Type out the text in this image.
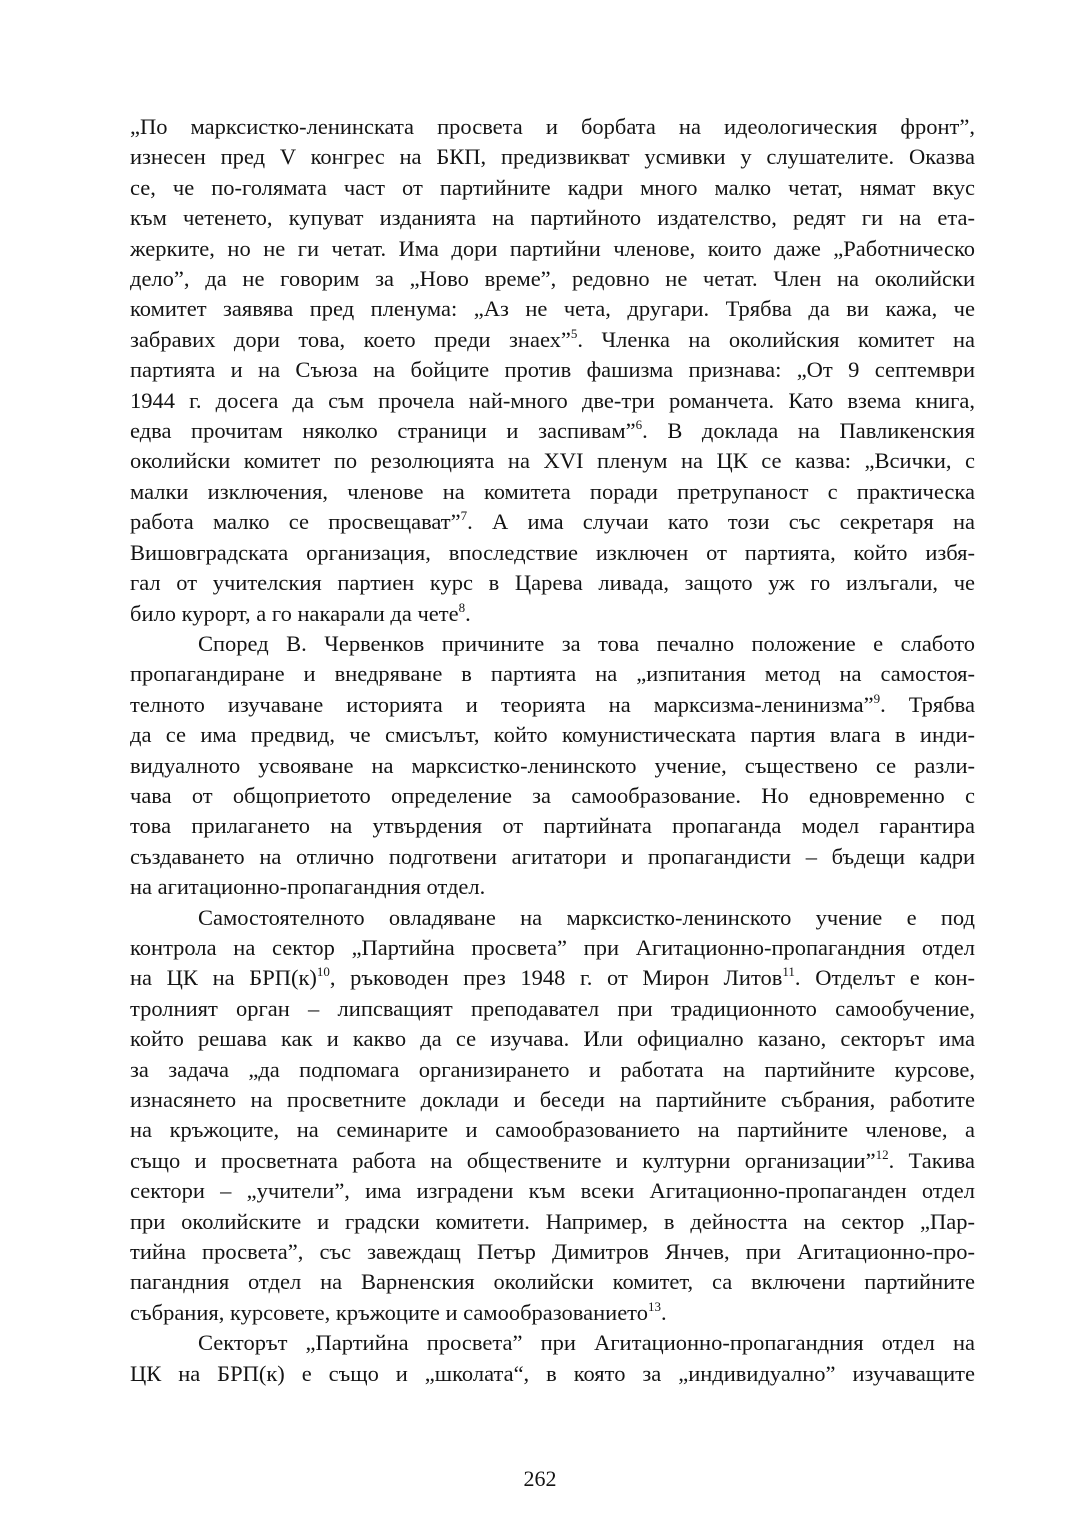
„По марксистко-ленинската просвета и борбата на идеологическия фронт”,
изнесен пред V конгрес на БКП, предизвикват усмивки у слушателите. Оказва
се, че по-голямата част от партийните кадри много малко четат, нямат вкус
към четенето, купуват изданията на партийното издателство, редят ги на ета-
жерките, но не ги четат. Има дори партийни членове, които даже „Работническо
дело”, да не говорим за „Ново време”, редовно не четат. Член на околийски
комитет заявява пред пленума: „Аз не чета, другари. Трябва да ви кажа, че
забравих дори това, което преди знаех”$^5$. Членка на околийския комитет на
партията и на Съюза на бойците против фашизма признава: „От 9 септември
1944 г. досега да съм прочела най-много две-три романчета. Като взема книга,
едва прочитам няколко страници и заспивам”$^6$. В доклада на Павликенския
околийски комитет по резолюцията на XVI пленум на ЦК се казва: „Всички, с
малки изключения, членове на комитета поради претрупаност с практическа
работа малко се просвещават”$^7$. А има случаи като този със секретаря на
Вишовградската организация, впоследствие изключен от партията, който избя-
гал от учителския партиен курс в Царева ливада, защото уж го излъгали, че
било курорт, а го накарали да чете$^8$.
Според В. Червенков причините за това печално положение е слабото
пропагандиране и внедряване в партията на „изпитания метод на самостоя-
телното изучаване историята и теорията на марксизма-ленинизма”$^9$. Трябва
да се има предвид, че смисълът, който комунистическата партия влага в инди-
видуалното усвояване на марксистко-ленинското учение, съществено се разли-
чава от общоприетото определение за самообразование. Но едновременно с
това прилагането на утвърдения от партийната пропаганда модел гарантира
създаването на отлично подготвени агитатори и пропагандисти – бъдещи кадри
на агитационно-пропагандния отдел.
Самостоятелното овладяване на марксистко-ленинското учение е под
контрола на сектор „Партийна просвета” при Агитационно-пропагандния отдел
на ЦК на $БРП(к)^{10}$, ръководен през 1948 г. от Мирон Литов$^{11}$. Отделът е кон-
тролният орган – липсващият преподавател при традиционното самообучение,
който решава как и какво да се изучава. Или официално казано, секторът има
за задача „да подпомага организирането и работата на партийните курсове,
изнасянето на просветните доклади и беседи на партийните събрания, работите
на кръжоците, на семинарите и самообразованието на партийните членове, а
също и просветната работа на обществените и културни организации”$^{12}$. Такива
сектори – „учители”, има изградени към всеки Агитационно-пропаганден отдел
при околийските и градски комитети. Например, в дейността на сектор „Пар-
тийна просвета”, със завеждащ Петър Димитров Янчев, при Агитационно-про-
пагандния отдел на Варненския околийски комитет, са включени партийните
събрания, курсовете, кръжоците и самообразованието$^{13}$.
Секторът „Партийна просвета” при Агитационно-пропагандния отдел на
ЦК на БРП(к) е също и „школата“, в която за „индивидуално” изучаващите
262
